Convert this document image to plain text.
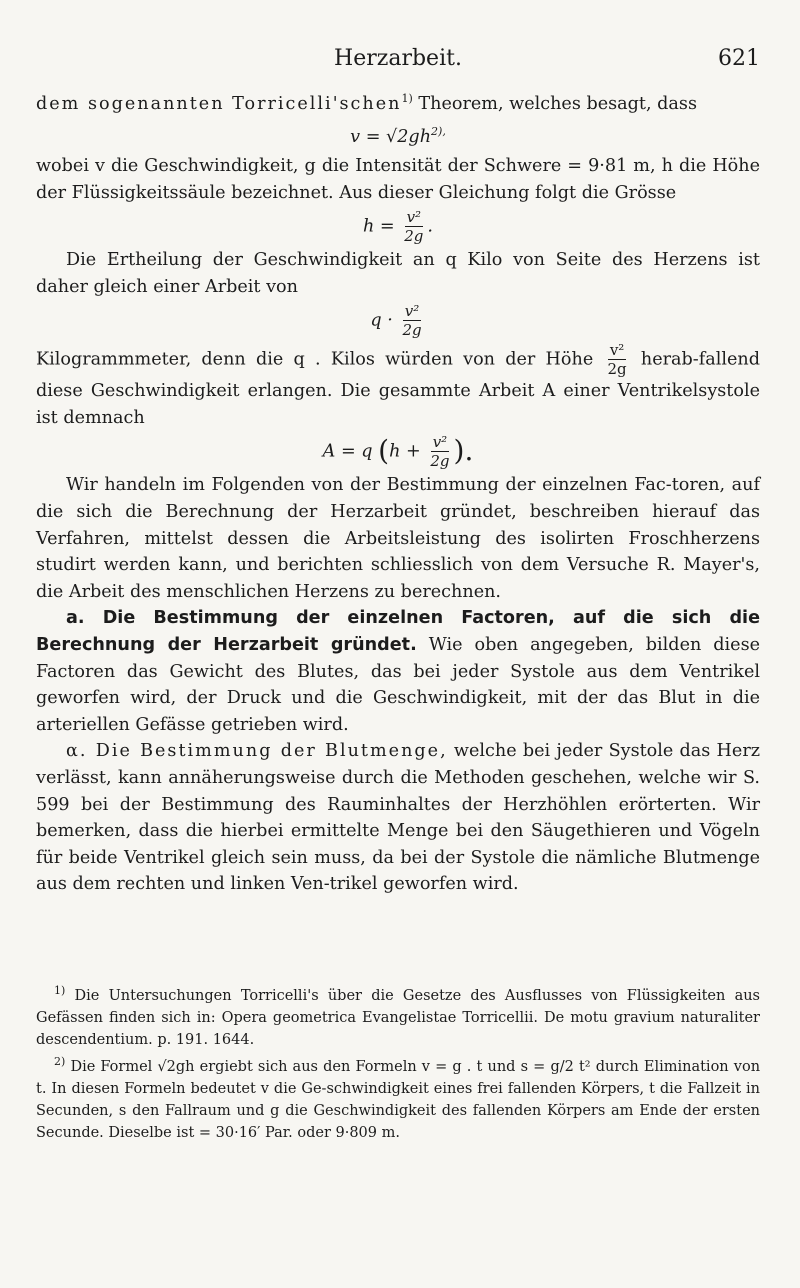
Herzarbeit.	621

dem sogenannten Torricelli'schen$^{1)}$ Theorem, welches besagt, dass

$v = √2gh^{2),}$

wobei v die Geschwindigkeit, g die Intensität der Schwere = 9·81 m, h die Höhe der Flüssigkeitssäule bezeichnet. Aus dieser Gleichung folgt die Grösse

$h = \frac{\text{v²}}{2g}$ .

Die Ertheilung der Geschwindigkeit an q Kilo von Seite des Herzens ist daher gleich einer Arbeit von

$q \cdot \frac{\text{v²}}{2g}$

Kilogrammmeter, denn die q . Kilos würden von der Höhe $\frac{\text{v²}}{2g}$ herab-fallend diese Geschwindigkeit erlangen. Die gesammte Arbeit A einer Ventrikelsystole ist demnach

A = q ($h + \frac{\text{v²}}{2g}$ ).

Wir handeln im Folgenden von der Bestimmung der einzelnen Fac-toren, auf die sich die Berechnung der Herzarbeit gründet, beschreiben hierauf das Verfahren, mittelst dessen die Arbeitsleistung des isolirten Froschherzens studirt werden kann, und berichten schliesslich von dem Versuche R. Mayer's, die Arbeit des menschlichen Herzens zu berechnen.

a. Die Bestimmung der einzelnen Factoren, auf die sich die Berechnung der Herzarbeit gründet. Wie oben angegeben, bilden diese Factoren das Gewicht des Blutes, das bei jeder Systole aus dem Ventrikel geworfen wird, der Druck und die Geschwindigkeit, mit der das Blut in die arteriellen Gefässe getrieben wird.

α. Die Bestimmung der Blutmenge, welche bei jeder Systole das Herz verlässt, kann annäherungsweise durch die Methoden geschehen, welche wir S. 599 bei der Bestimmung des Rauminhaltes der Herzhöhlen erörterten. Wir bemerken, dass die hierbei ermittelte Menge bei den Säugethieren und Vögeln für beide Ventrikel gleich sein muss, da bei der Systole die nämliche Blutmenge aus dem rechten und linken Ven-trikel geworfen wird.

$^{1)}$ Die Untersuchungen Torricelli's über die Gesetze des Ausflusses von Flüssigkeiten aus Gefässen finden sich in: Opera geometrica Evangelistae Torricellii. De motu gravium naturaliter descendentium. p. 191. 1644.

$^{2)}$ Die Formel √2gh ergiebt sich aus den Formeln v = g . t und s = g/2 t² durch Elimination von t. In diesen Formeln bedeutet v die Ge-schwindigkeit eines frei fallenden Körpers, t die Fallzeit in Secunden, s den Fallraum und g die Geschwindigkeit des fallenden Körpers am Ende der ersten Secunde. Dieselbe ist = 30·16′ Par. oder 9·809 m.
